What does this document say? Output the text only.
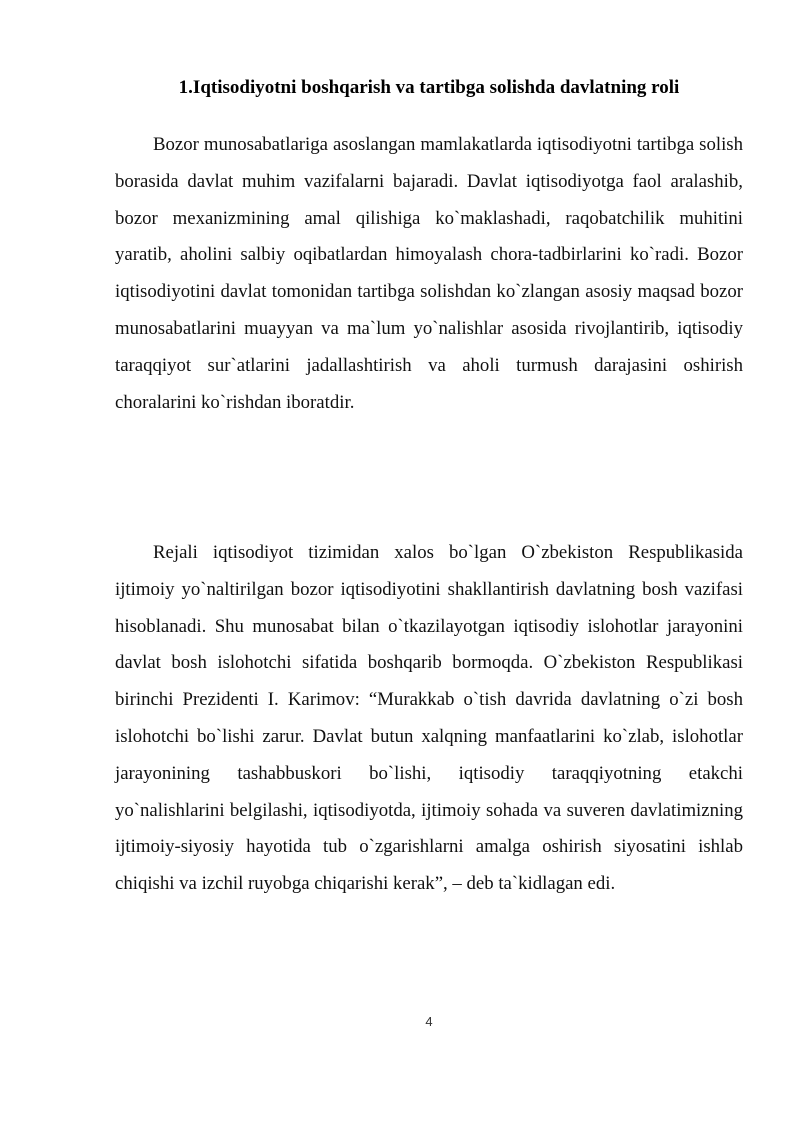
1.Iqtisodiyotni boshqarish va tartibga solishda davlatning roli

Bozor munosabatlariga asoslangan mamlakatlarda iqtisodiyotni tartibga solish borasida davlat muhim vazifalarni bajaradi. Davlat iqtisodiyotga faol aralashib, bozor mexanizmining amal qilishiga ko`maklashadi, raqobatchilik muhitini yaratib, aholini salbiy oqibatlardan himoyalash chora-tadbirlarini ko`radi. Bozor iqtisodiyotini davlat tomonidan tartibga solishdan ko`zlangan asosiy maqsad bozor munosabatlarini muayyan va ma`lum yo`nalishlar asosida rivojlantirib, iqtisodiy taraqqiyot sur`atlarini jadallashtirish va aholi turmush darajasini oshirish choralarini ko`rishdan iboratdir.

Rejali iqtisodiyot tizimidan xalos bo`lgan O`zbekiston Respublikasida ijtimoiy yo`naltirilgan bozor iqtisodiyotini shakllantirish davlatning bosh vazifasi hisoblanadi. Shu munosabat bilan o`tkazilayotgan iqtisodiy islohotlar jarayonini davlat bosh islohotchi sifatida boshqarib bormoqda. O`zbekiston Respublikasi birinchi Prezidenti I. Karimov: “Murakkab o`tish davrida davlatning o`zi bosh islohotchi bo`lishi zarur. Davlat butun xalqning manfaatlarini ko`zlab, islohotlar jarayonining tashabbuskori bo`lishi, iqtisodiy taraqqiyotning etakchi yo`nalishlarini belgilashi, iqtisodiyotda, ijtimoiy sohada va suveren davlatimizning ijtimoiy-siyosiy hayotida tub o`zgarishlarni amalga oshirish siyosatini ishlab chiqishi va izchil ruyobga chiqarishi kerak”, – deb ta`kidlagan edi.

4
